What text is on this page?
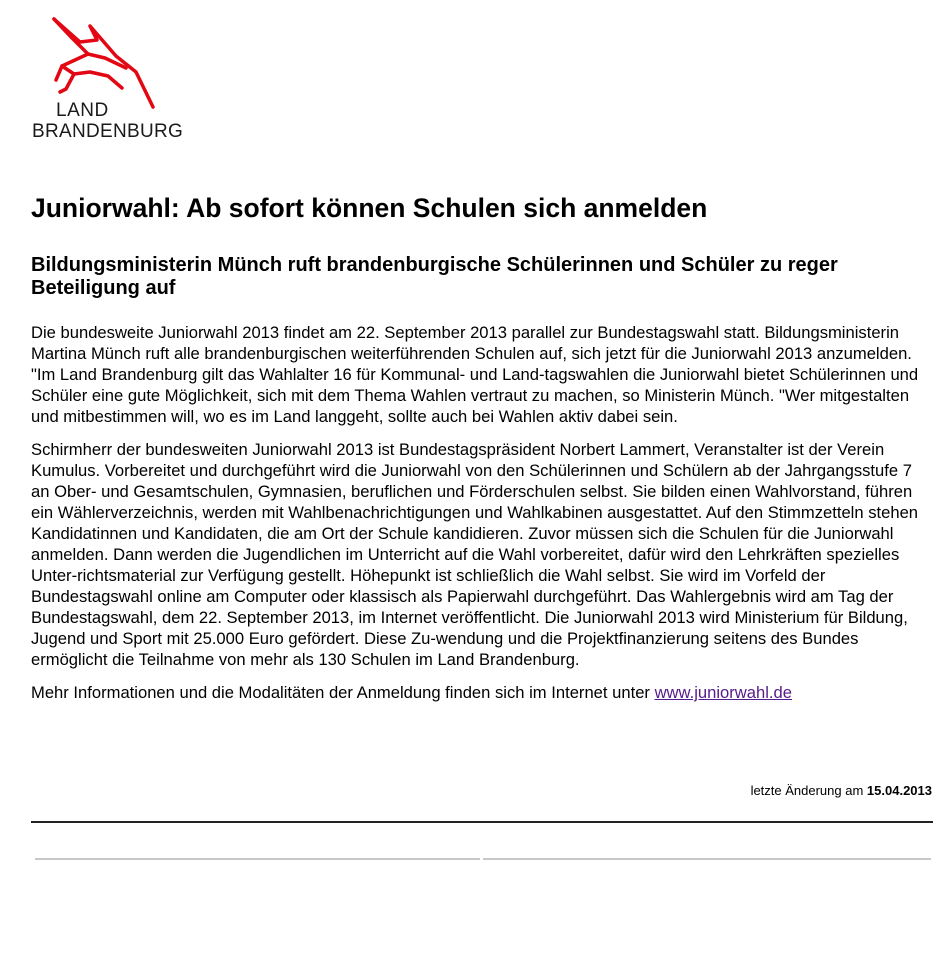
LAND
BRANDENBURG
Juniorwahl: Ab sofort können Schulen sich anmelden
Bildungsministerin Münch ruft brandenburgische Schülerinnen und Schüler zu reger Beteiligung auf

Die bundesweite Juniorwahl 2013 findet am 22. September 2013 parallel zur Bundestagswahl statt. Bildungsministerin Martina Münch ruft alle brandenburgischen weiterführenden Schulen auf, sich jetzt für die Juniorwahl 2013 anzumelden. "Im Land Brandenburg gilt das Wahlalter 16 für Kommunal- und Land-tagswahlen die Juniorwahl bietet Schülerinnen und Schüler eine gute Möglichkeit, sich mit dem Thema Wahlen vertraut zu machen, so Ministerin Münch. "Wer mitgestalten und mitbestimmen will, wo es im Land langgeht, sollte auch bei Wahlen aktiv dabei sein.

Schirmherr der bundesweiten Juniorwahl 2013 ist Bundestagspräsident Norbert Lammert, Veranstalter ist der Verein Kumulus. Vorbereitet und durchgeführt wird die Juniorwahl von den Schülerinnen und Schülern ab der Jahrgangsstufe 7 an Ober- und Gesamtschulen, Gymnasien, beruflichen und Förderschulen selbst. Sie bilden einen Wahlvorstand, führen ein Wählerverzeichnis, werden mit Wahlbenachrichtigungen und Wahlkabinen ausgestattet. Auf den Stimmzetteln stehen Kandidatinnen und Kandidaten, die am Ort der Schule kandidieren. Zuvor müssen sich die Schulen für die Juniorwahl anmelden. Dann werden die Jugendlichen im Unterricht auf die Wahl vorbereitet, dafür wird den Lehrkräften spezielles Unter-richtsmaterial zur Verfügung gestellt. Höhepunkt ist schließlich die Wahl selbst. Sie wird im Vorfeld der Bundestagswahl online am Computer oder klassisch als Papierwahl durchgeführt. Das Wahlergebnis wird am Tag der Bundestagswahl, dem 22. September 2013, im Internet veröffentlicht. Die Juniorwahl 2013 wird Ministerium für Bildung, Jugend und Sport mit 25.000 Euro gefördert. Diese Zu-wendung und die Projektfinanzierung seitens des Bundes ermöglicht die Teilnahme von mehr als 130 Schulen im Land Brandenburg.

Mehr Informationen und die Modalitäten der Anmeldung finden sich im Internet unter www.juniorwahl.de

letzte Änderung am 15.04.2013
